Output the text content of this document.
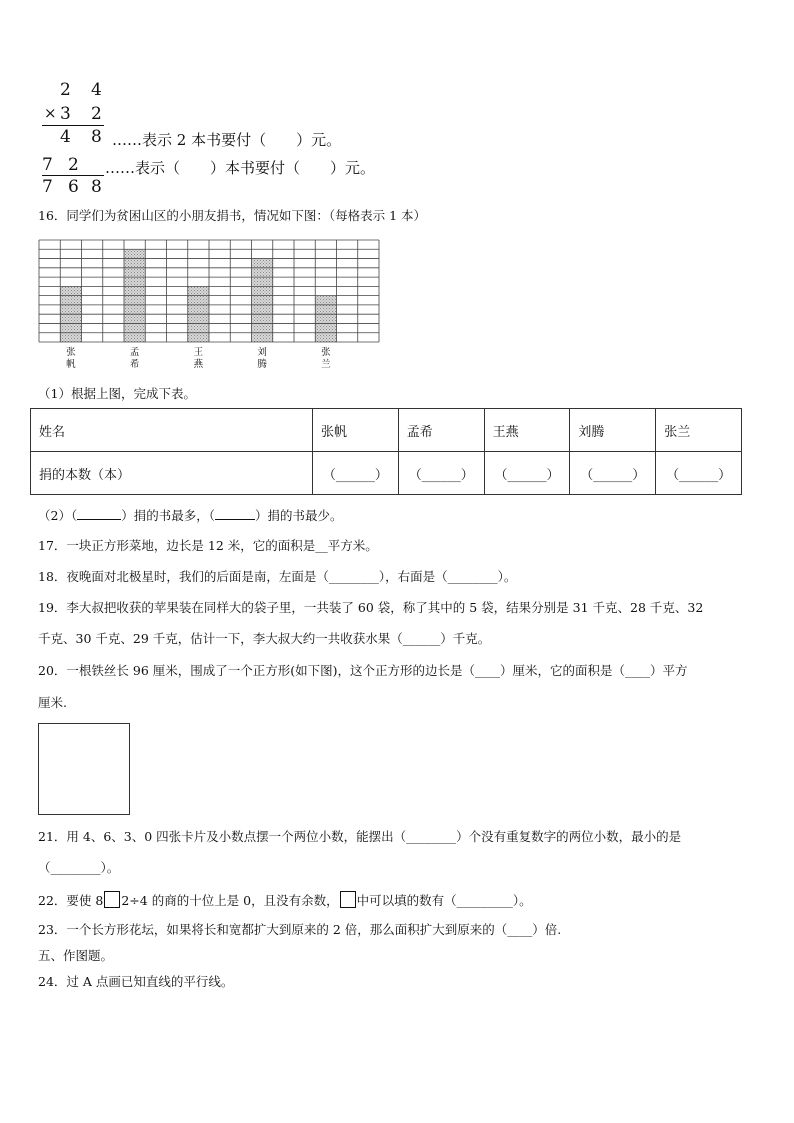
2 4
× 3 2
4 8 ……表示 2 本书要付（　　）元。
7 2 ……表示（　　）本书要付（　　）元。
7 6 8
16．同学们为贫困山区的小朋友捐书，情况如下图：（每格表示 1 本）
张
帆
孟
希
王
燕
刘
腾
张
兰
（1）根据上图，完成下表。
姓名	张帆	孟希	王燕	刘腾	张兰
捐的本数（本）	（______）	（______）	（______）	（______）	（______）
（2）（	）捐的书最多，（	）捐的书最少。
17．一块正方形菜地，边长是 12 米，它的面积是__平方米。
18．夜晚面对北极星时，我们的后面是南，左面是（________），右面是（________）。
19．李大叔把收获的苹果装在同样大的袋子里，一共装了 60 袋，称了其中的 5 袋，结果分别是 31 千克、28 千克、32
千克、30 千克、29 千克，估计一下，李大叔大约一共收获水果（______）千克。
20．一根铁丝长 96 厘米，围成了一个正方形(如下图)，这个正方形的边长是（____）厘米，它的面积是（____）平方
厘米.
21．用 4、6、3、0 四张卡片及小数点摆一个两位小数，能摆出（________）个没有重复数字的两位小数，最小的是
（________）。
22．要使 8 2÷4 的商的十位上是 0，且没有余数， 中可以填的数有（_________）。
23．一个长方形花坛，如果将长和宽都扩大到原来的 2 倍，那么面积扩大到原来的（____）倍.
五、作图题。
24．过 A 点画已知直线的平行线。
